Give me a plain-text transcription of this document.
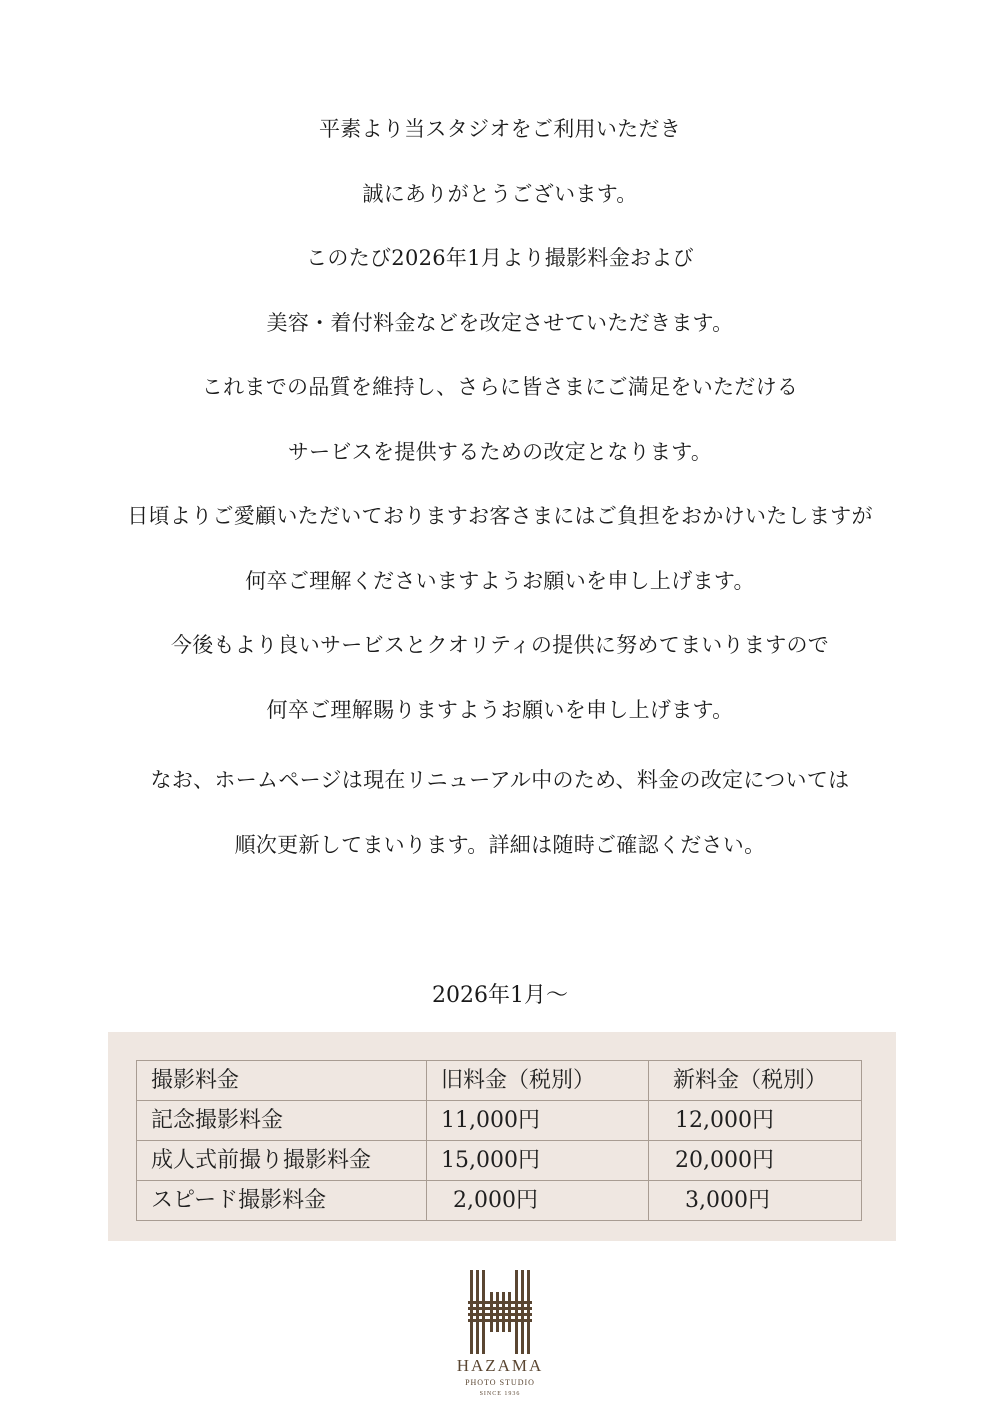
平素より当スタジオをご利用いただき
誠にありがとうございます。
このたび2026年1月より撮影料金および
美容・着付料金などを改定させていただきます。
これまでの品質を維持し、さらに皆さまにご満足をいただける
サービスを提供するための改定となります。
日頃よりご愛顧いただいておりますお客さまにはご負担をおかけいたしますが
何卒ご理解くださいますようお願いを申し上げます。
今後もより良いサービスとクオリティの提供に努めてまいりますので
何卒ご理解賜りますようお願いを申し上げます。
なお、ホームページは現在リニューアル中のため、料金の改定については
順次更新してまいります。詳細は随時ご確認ください。
2026年1月～
撮影料金	旧料金（税別）	新料金（税別）
記念撮影料金	11,000円	12,000円
成人式前撮り撮影料金	15,000円	20,000円
スピード撮影料金	2,000円	3,000円
HAZAMA
PHOTO STUDIO
SINCE 1936
